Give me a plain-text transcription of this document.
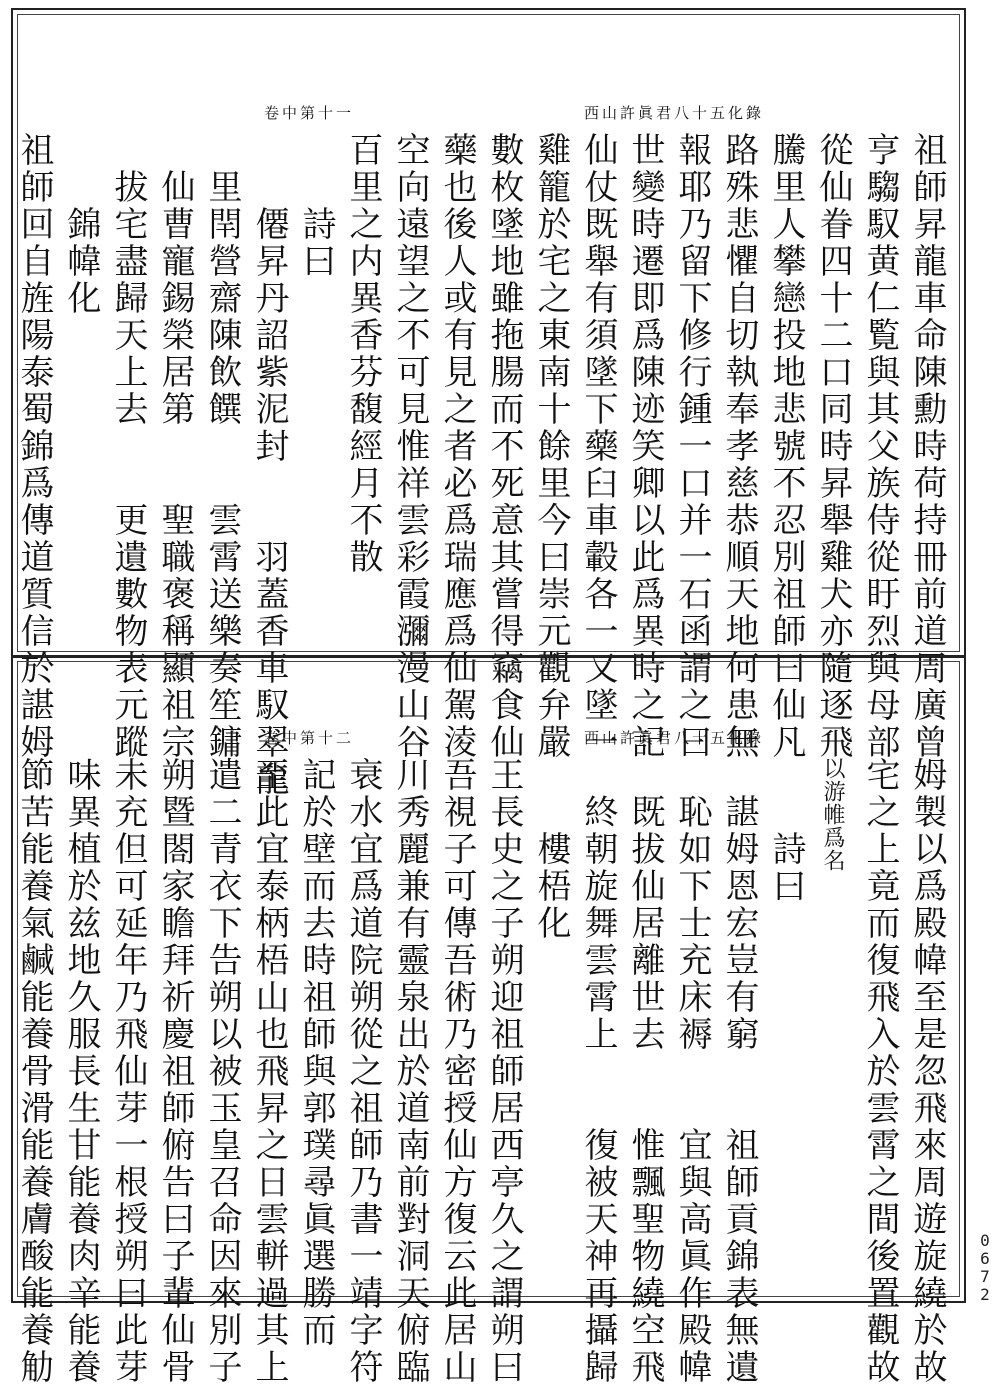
西山許眞君八十五化錄
卷中第十一
祖師昇龍車命陳勳時荷持冊前道周廣曾
亨騶馭黄仁覧與其父族侍從盱烈與母部
從仙眷四十二口同時昇舉雞犬亦隨逐飛
騰里人攀戀投地悲號不忍別祖師曰仙凡
路殊悲懼自切執奉孝慈恭順天地何患無
報耶乃留下修行鍾一口并一石函謂之曰
世變時遷即爲陳迹笑卿以此爲異時之記
仙仗既舉有須墜下藥臼車轂各一又墜一
雞籠於宅之東南十餘里今曰崇元觀弁嚴
數枚墜地雖拖腸而不死意其嘗得竊食仙
藥也後人或有見之者必爲瑞應爲仙駕淩
空向遠望之不可見惟祥雲彩霞瀰漫山谷
百里之内異香芬馥經月不散
　　詩曰
　　僊昇丹詔紫泥封　　羽蓋香車馭翠龍
　里閈營齋陳飲饌　　雲霄送樂奏笙鏞
　仙曹寵錫榮居第　　聖職褒稱顯祖宗
　拔宅盡歸天上去　　更遺數物表元蹤
　　錦幃化
祖師回自旌陽泰蜀錦爲傳道質信於諶姆	西山許眞君八十五化錄
卷中第十二
姆製以爲殿幃至是忽飛來周遊旋繞於故
宅之上竟而復飛入於雲霄之間後置觀故
以游帷爲名
　　詩曰
　諶姆恩宏豈有窮　　祖師貢錦表無遺
　恥如下士充床褥　　宜與高眞作殿幃
　既拔仙居離世去　　惟飄聖物繞空飛
　終朝旋舞雲霄上　　復被天神再攝歸
　　樓梧化
王長史之子朔迎祖師居西亭久之謂朔曰
吾視子可傳吾術乃密授仙方復云此居山
川秀麗兼有靈泉出於道南前對洞天俯臨
衰水宜爲道院朔從之祖師乃書一靖字符
記於壁而去時祖師與郭璞尋眞選勝而
至此宜泰柄梧山也飛昇之日雲軿過其上
遣二青衣下告朔以被玉皇召命因來別子
朔暨閤家瞻拜祈慶祖師俯告曰子輩仙骨
未充但可延年乃飛仙芽一根授朔曰此芽
味異植於兹地久服長生甘能養肉辛能養
節苦能養氣鹹能養骨滑能養膚酸能養觔	0
6
7
2
